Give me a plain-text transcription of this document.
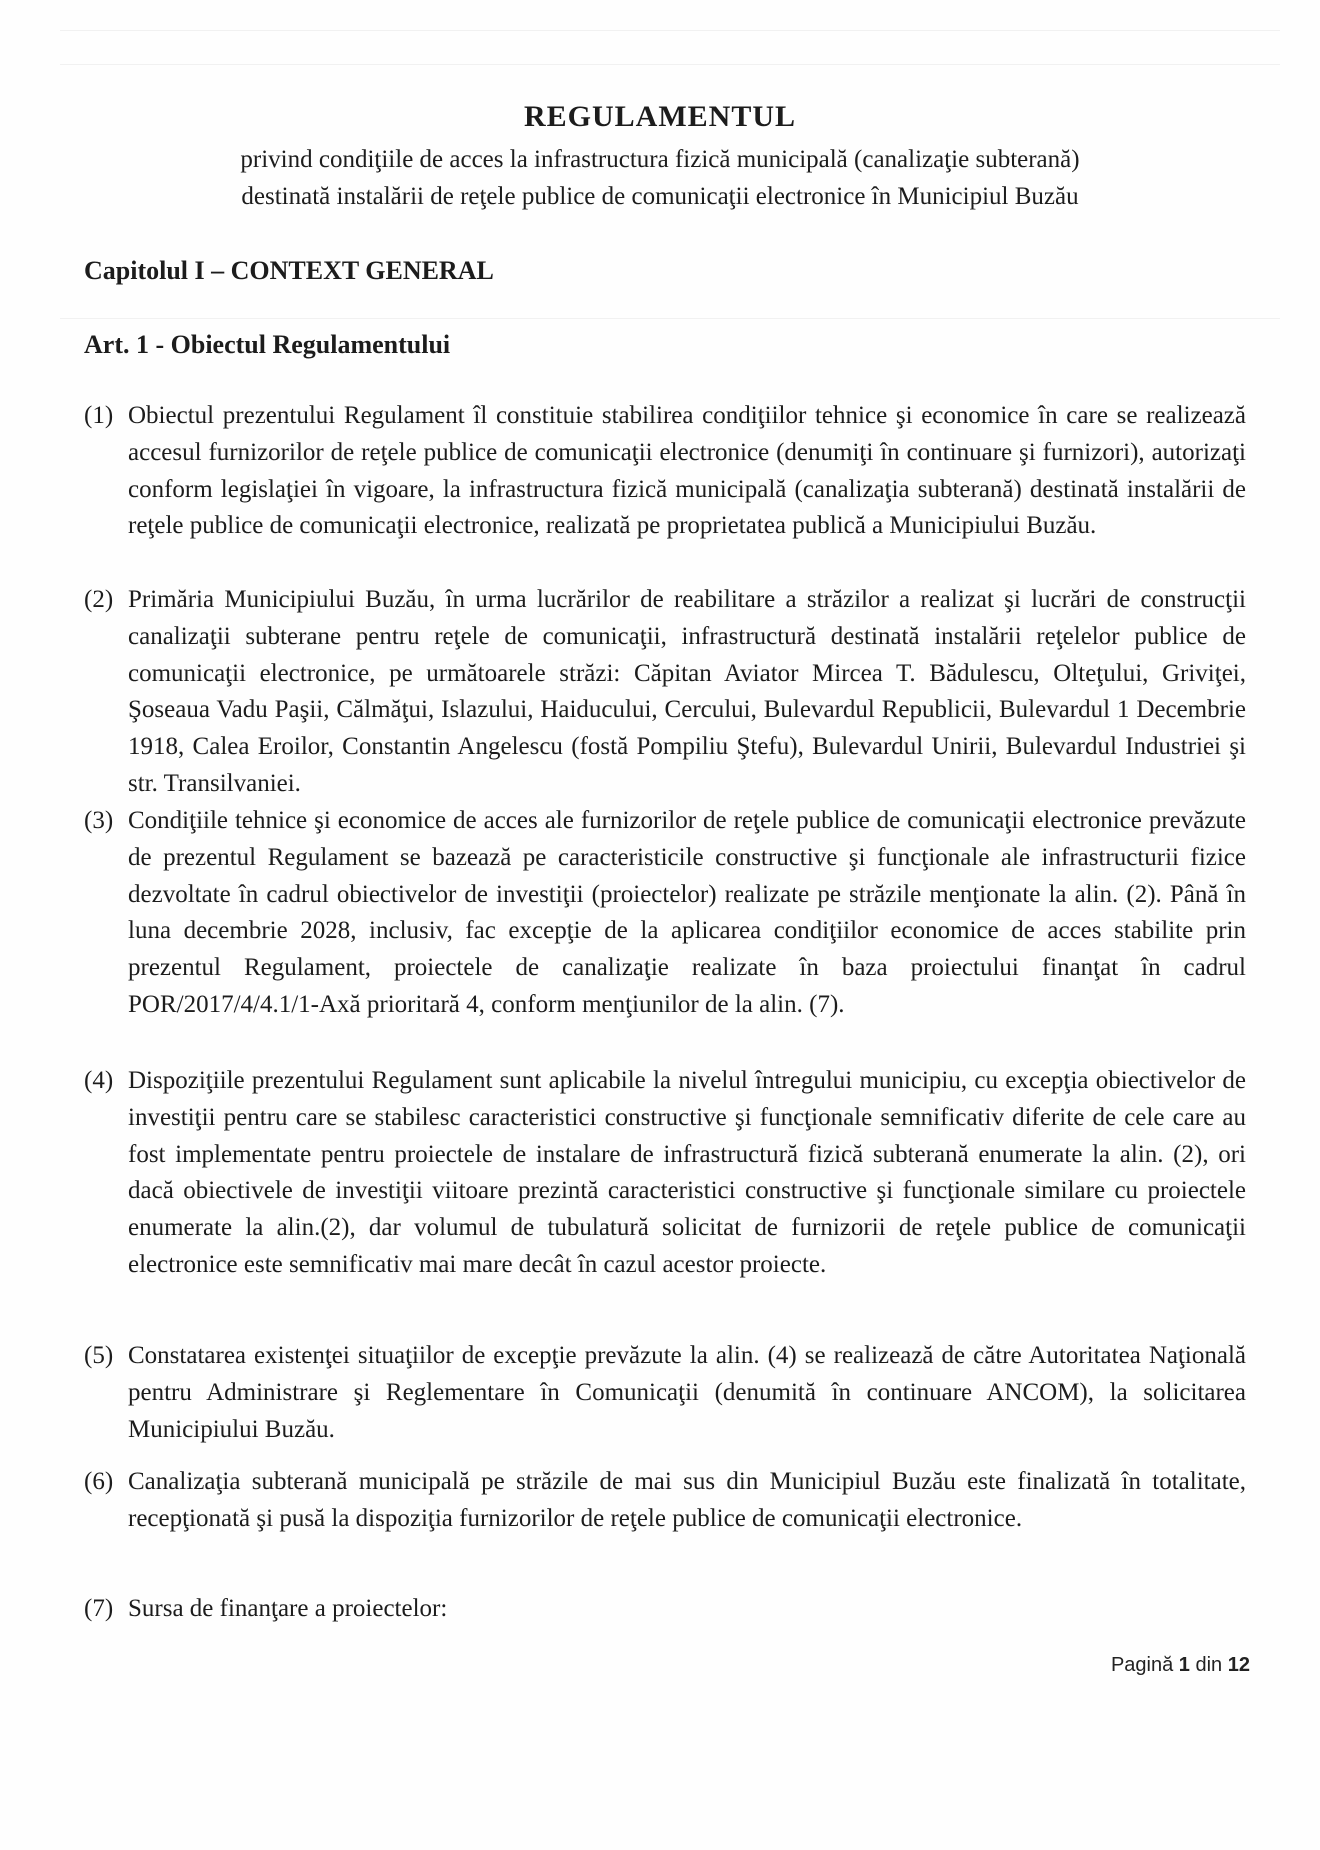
REGULAMENTUL
privind condiţiile de acces la infrastructura fizică municipală (canalizaţie subterană)
destinată instalării de reţele publice de comunicaţii electronice în Municipiul Buzău
Capitolul I – CONTEXT GENERAL
Art. 1 - Obiectul Regulamentului
(1) Obiectul prezentului Regulament îl constituie stabilirea condiţiilor tehnice şi economice în care se realizează accesul furnizorilor de reţele publice de comunicaţii electronice (denumiţi în continuare şi furnizori), autorizaţi conform legislaţiei în vigoare, la infrastructura fizică municipală (canalizaţia subterană) destinată instalării de reţele publice de comunicaţii electronice, realizată pe proprietatea publică a Municipiului Buzău.
(2) Primăria Municipiului Buzău, în urma lucrărilor de reabilitare a străzilor a realizat şi lucrări de construcţii canalizaţii subterane pentru reţele de comunicaţii, infrastructură destinată instalării reţelelor publice de comunicaţii electronice, pe următoarele străzi: Căpitan Aviator Mircea T. Bădulescu, Olteţului, Griviţei, Şoseaua Vadu Paşii, Călmăţui, Islazului, Haiducului, Cercului, Bulevardul Republicii, Bulevardul 1 Decembrie 1918, Calea Eroilor, Constantin Angelescu (fostă Pompiliu Ştefu), Bulevardul Unirii, Bulevardul Industriei şi str. Transilvaniei.
(3) Condiţiile tehnice şi economice de acces ale furnizorilor de reţele publice de comunicaţii electronice prevăzute de prezentul Regulament se bazează pe caracteristicile constructive şi funcţionale ale infrastructurii fizice dezvoltate în cadrul obiectivelor de investiţii (proiectelor) realizate pe străzile menţionate la alin. (2). Până în luna decembrie 2028, inclusiv, fac excepţie de la aplicarea condiţiilor economice de acces stabilite prin prezentul Regulament, proiectele de canalizaţie realizate în baza proiectului finanţat în cadrul POR/2017/4/4.1/1-Axă prioritară 4, conform menţiunilor de la alin. (7).
(4) Dispoziţiile prezentului Regulament sunt aplicabile la nivelul întregului municipiu, cu excepţia obiectivelor de investiţii pentru care se stabilesc caracteristici constructive şi funcţionale semnificativ diferite de cele care au fost implementate pentru proiectele de instalare de infrastructură fizică subterană enumerate la alin. (2), ori dacă obiectivele de investiţii viitoare prezintă caracteristici constructive şi funcţionale similare cu proiectele enumerate la alin.(2), dar volumul de tubulatură solicitat de furnizorii de reţele publice de comunicaţii electronice este semnificativ mai mare decât în cazul acestor proiecte.
(5) Constatarea existenţei situaţiilor de excepţie prevăzute la alin. (4) se realizează de către Autoritatea Naţională pentru Administrare şi Reglementare în Comunicaţii (denumită în continuare ANCOM), la solicitarea Municipiului Buzău.
(6) Canalizaţia subterană municipală pe străzile de mai sus din Municipiul Buzău este finalizată în totalitate, recepţionată şi pusă la dispoziţia furnizorilor de reţele publice de comunicaţii electronice.
(7) Sursa de finanţare a proiectelor:
Pagină 1 din 12
